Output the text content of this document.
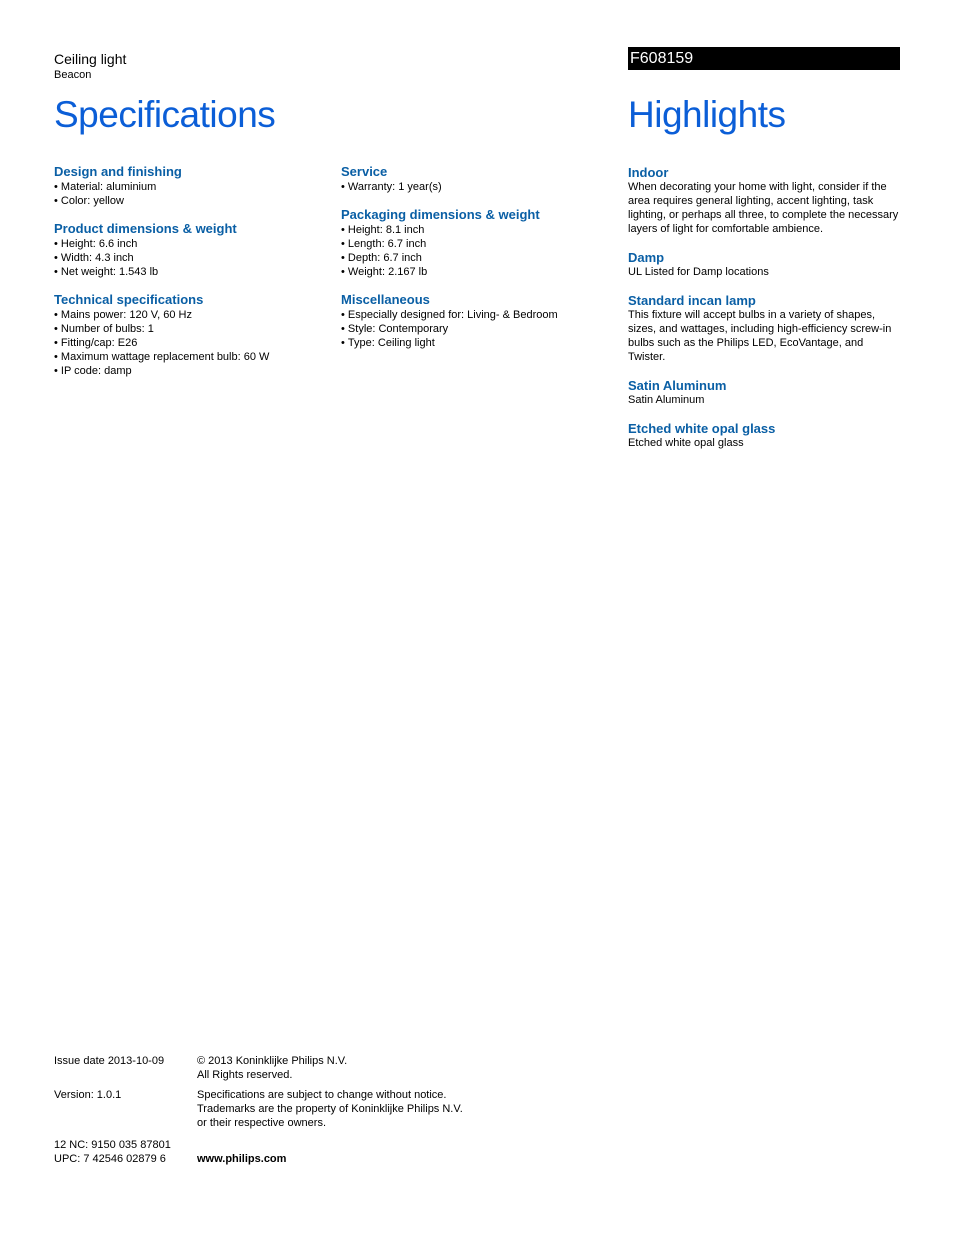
Ceiling light
Beacon
Specifications
F608159
Highlights
Design and finishing
• Material: aluminium
• Color: yellow
Product dimensions & weight
• Height: 6.6 inch
• Width: 4.3 inch
• Net weight: 1.543 lb
Technical specifications
• Mains power: 120 V, 60 Hz
• Number of bulbs: 1
• Fitting/cap: E26
• Maximum wattage replacement bulb: 60 W
• IP code: damp
Service
• Warranty: 1 year(s)
Packaging dimensions & weight
• Height: 8.1 inch
• Length: 6.7 inch
• Depth: 6.7 inch
• Weight: 2.167 lb
Miscellaneous
• Especially designed for: Living- & Bedroom
• Style: Contemporary
• Type: Ceiling light
Indoor

When decorating your home with light, consider if the area requires general lighting, accent lighting, task lighting, or perhaps all three, to complete the necessary layers of light for comfortable ambience.

Damp

UL Listed for Damp locations

Standard incan lamp

This fixture will accept bulbs in a variety of shapes, sizes, and wattages, including high-efficiency screw-in bulbs such as the Philips LED, EcoVantage, and Twister.

Satin Aluminum

Satin Aluminum

Etched white opal glass

Etched white opal glass

Issue date 2013-10-09	© 2013 Koninklijke Philips N.V.
All Rights reserved.
Version: 1.0.1	Specifications are subject to change without notice.
Trademarks are the property of Koninklijke Philips N.V.
or their respective owners.
12 NC: 9150 035 87801
UPC: 7 42546 02879 6	www.philips.com
